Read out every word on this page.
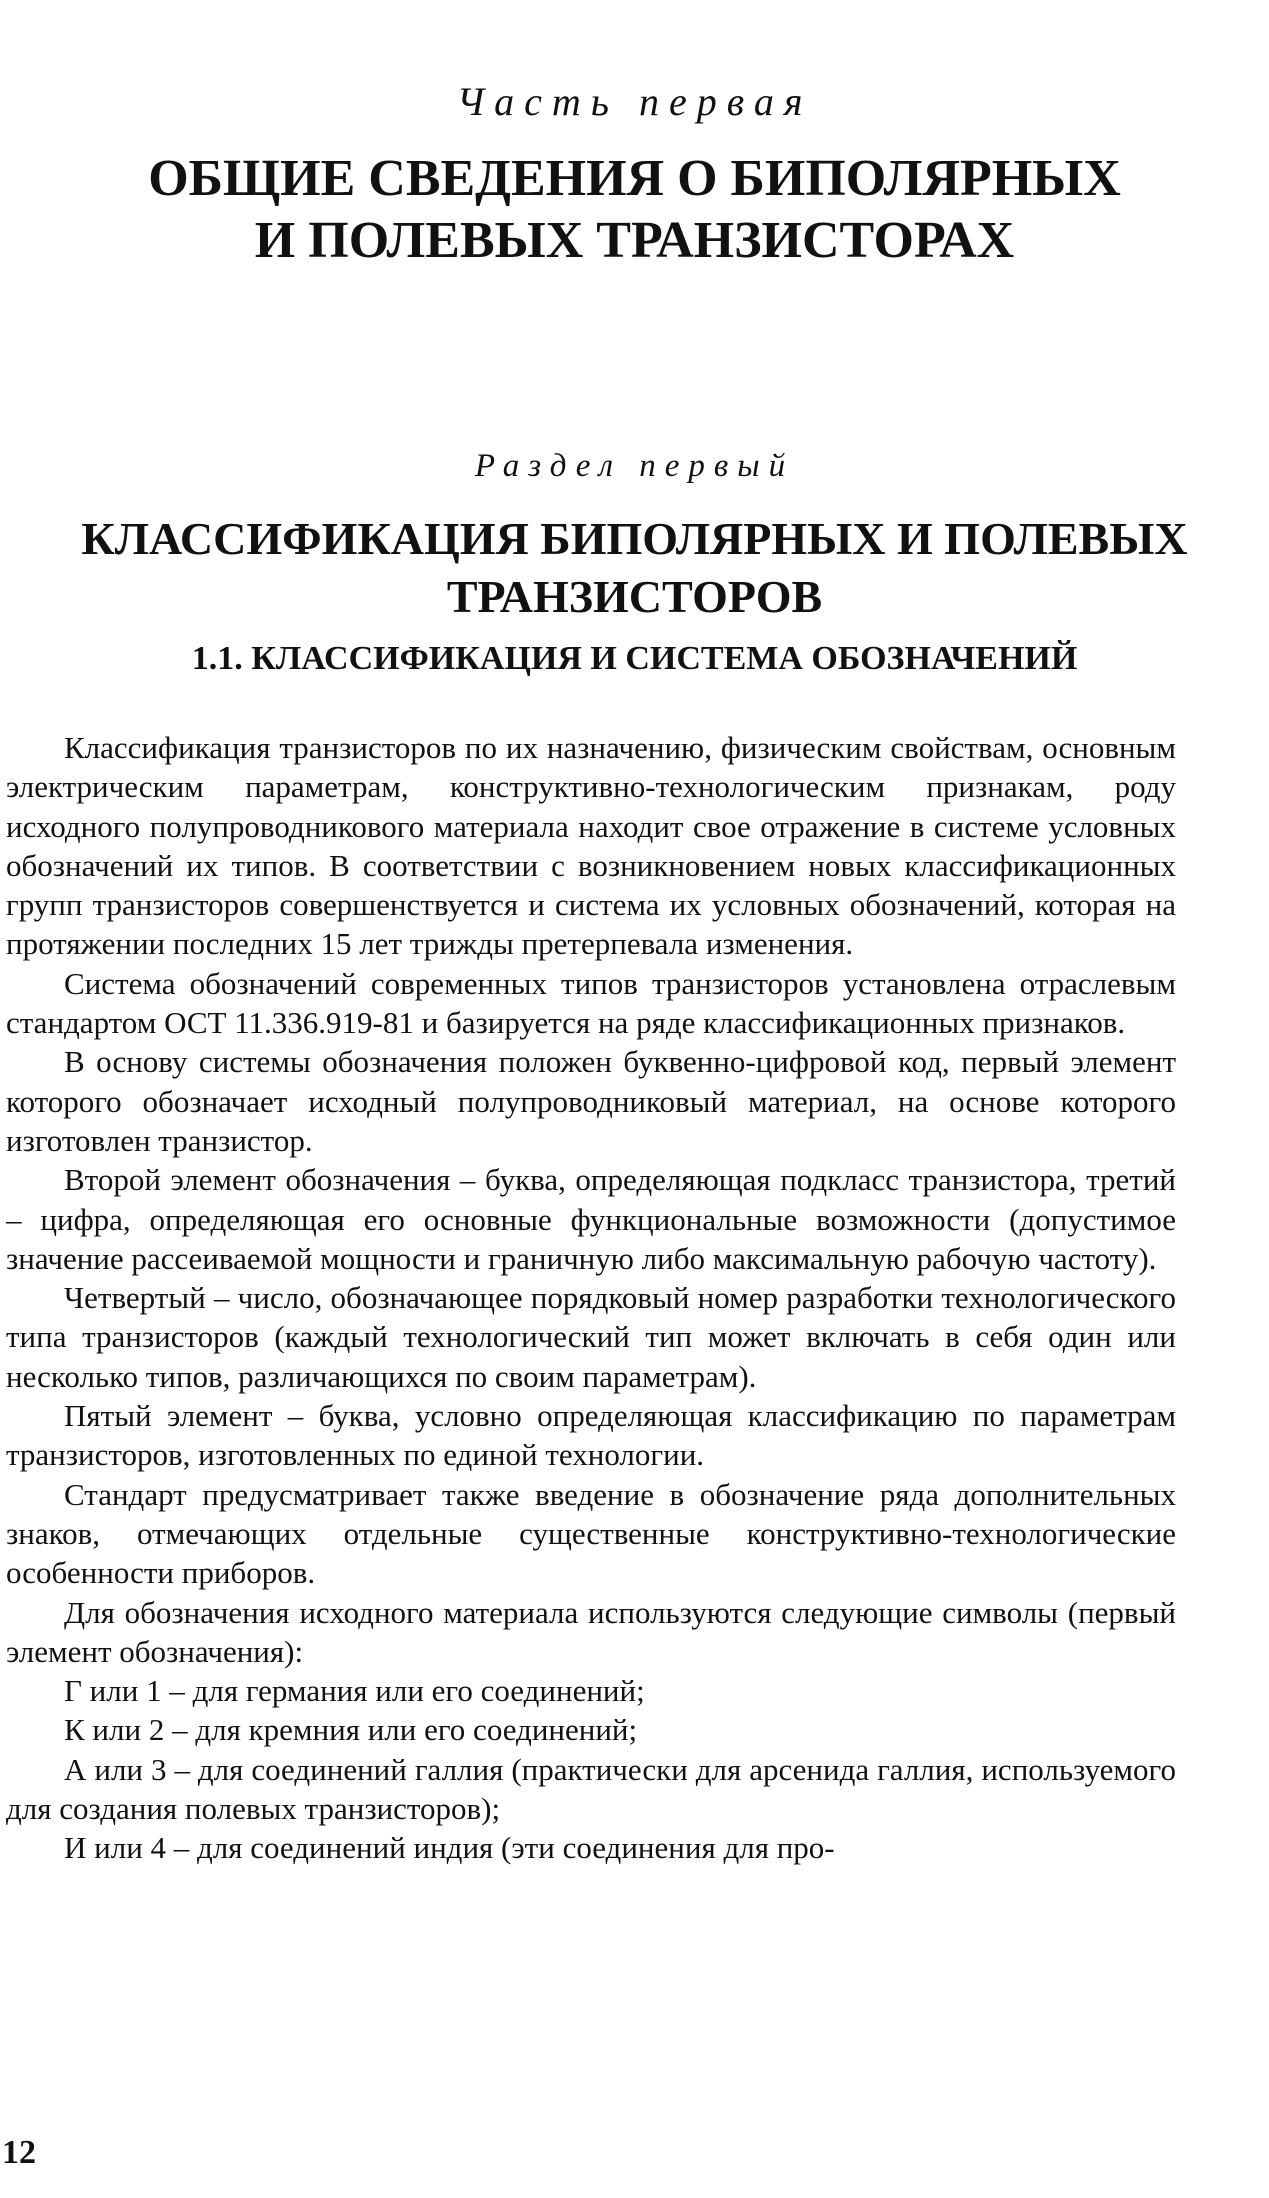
Часть первая
ОБЩИЕ СВЕДЕНИЯ О БИПОЛЯРНЫХ
И ПОЛЕВЫХ ТРАНЗИСТОРАХ
Раздел первый
КЛАССИФИКАЦИЯ БИПОЛЯРНЫХ И ПОЛЕВЫХ
ТРАНЗИСТОРОВ
1.1. КЛАССИФИКАЦИЯ И СИСТЕМА ОБОЗНАЧЕНИЙ

Классификация транзисторов по их назначению, физическим свойствам, основным электрическим параметрам, конструктивно-технологическим признакам, роду исходного полупроводникового материала находит свое отражение в системе условных обозначений их типов. В соответствии с возникновением новых классификационных групп транзисторов совершенствуется и система их условных обозначений, которая на протяжении последних 15 лет трижды претерпевала изменения.

Система обозначений современных типов транзисторов установлена отраслевым стандартом ОСТ 11.336.919-81 и базируется на ряде классификационных признаков.

В основу системы обозначения положен буквенно-цифровой код, первый элемент которого обозначает исходный полупроводниковый материал, на основе которого изготовлен транзистор.

Второй элемент обозначения – буква, определяющая подкласс транзистора, третий – цифра, определяющая его основные функциональные возможности (допустимое значение рассеиваемой мощности и граничную либо максимальную рабочую частоту).

Четвертый – число, обозначающее порядковый номер разработки технологического типа транзисторов (каждый технологический тип может включать в себя один или несколько типов, различающихся по своим параметрам).

Пятый элемент – буква, условно определяющая классификацию по параметрам транзисторов, изготовленных по единой технологии.

Стандарт предусматривает также введение в обозначение ряда дополнительных знаков, отмечающих отдельные существенные конструктивно-технологические особенности приборов.

Для обозначения исходного материала используются следующие символы (первый элемент обозначения):

Г или 1 – для германия или его соединений;

К или 2 – для кремния или его соединений;

А или 3 – для соединений галлия (практически для арсенида галлия, используемого для создания полевых транзисторов);

И или 4 – для соединений индия (эти соединения для про-

12
